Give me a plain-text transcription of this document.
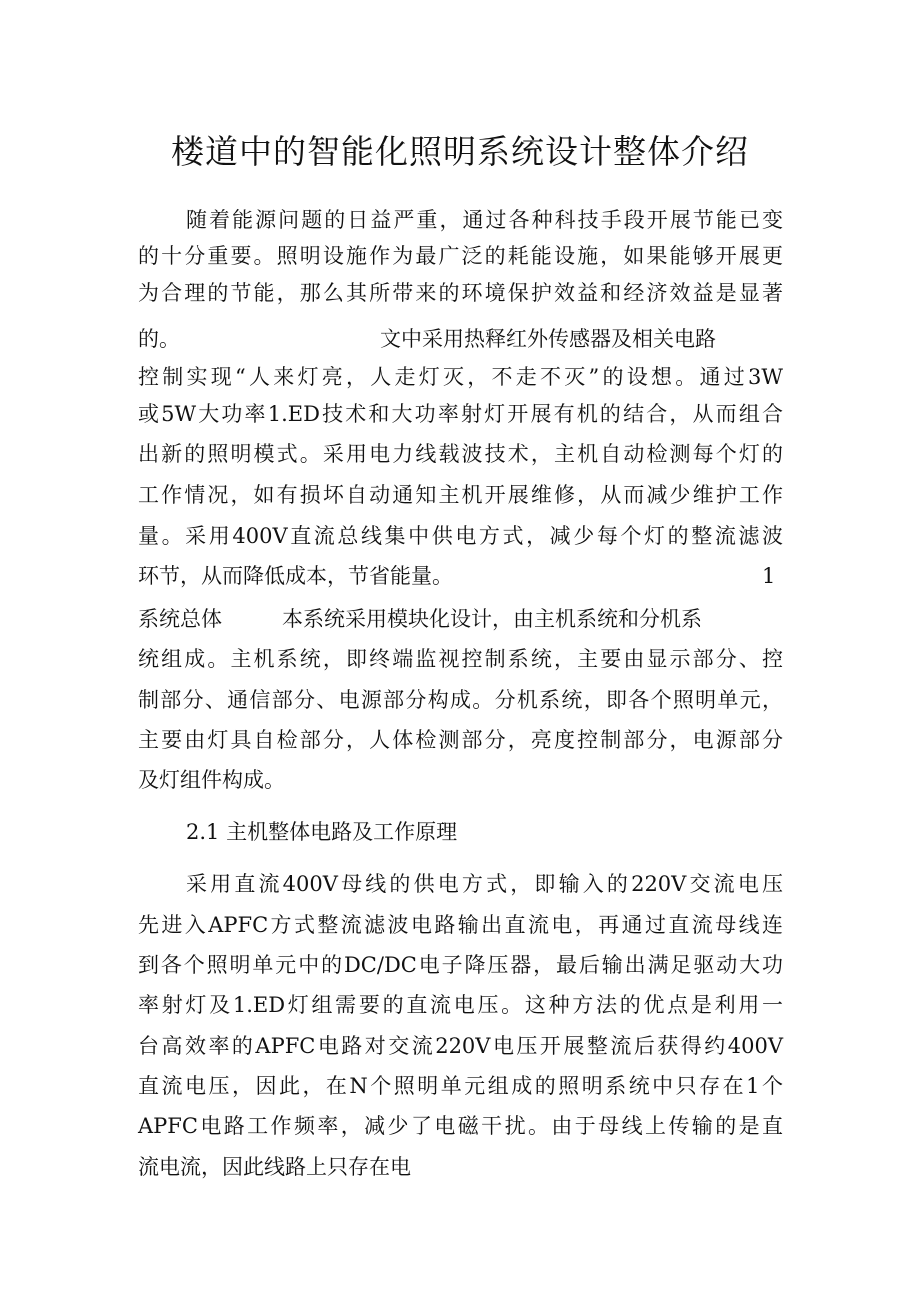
楼道中的智能化照明系统设计整体介绍
随着能源问题的日益严重，通过各种科技手段开展节能已变
的十分重要。照明设施作为最广泛的耗能设施，如果能够开展更
为合理的节能，那么其所带来的环境保护效益和经济效益是显著
的。	文中采用热释红外传感器及相关电路
控制实现“人来灯亮，人走灯灭，不走不灭”的设想。通过3W
或5W大功率1.ED技术和大功率射灯开展有机的结合，从而组合
出新的照明模式。采用电力线载波技术，主机自动检测每个灯的
工作情况，如有损坏自动通知主机开展维修，从而减少维护工作
量。采用400V直流总线集中供电方式，减少每个灯的整流滤波
环节，从而降低成本，节省能量。	1
系统总体	本系统采用模块化设计，由主机系统和分机系
统组成。主机系统，即终端监视控制系统，主要由显示部分、控
制部分、通信部分、电源部分构成。分机系统，即各个照明单元，
主要由灯具自检部分，人体检测部分，亮度控制部分，电源部分
及灯组件构成。
2.1 主机整体电路及工作原理
采用直流400V母线的供电方式，即输入的220V交流电压
先进入APFC方式整流滤波电路输出直流电，再通过直流母线连
到各个照明单元中的DC/DC电子降压器，最后输出满足驱动大功
率射灯及1.ED灯组需要的直流电压。这种方法的优点是利用一
台高效率的APFC电路对交流220V电压开展整流后获得约400V
直流电压，因此，在N个照明单元组成的照明系统中只存在1个
APFC电路工作频率，减少了电磁干扰。由于母线上传输的是直
流电流，因此线路上只存在电
